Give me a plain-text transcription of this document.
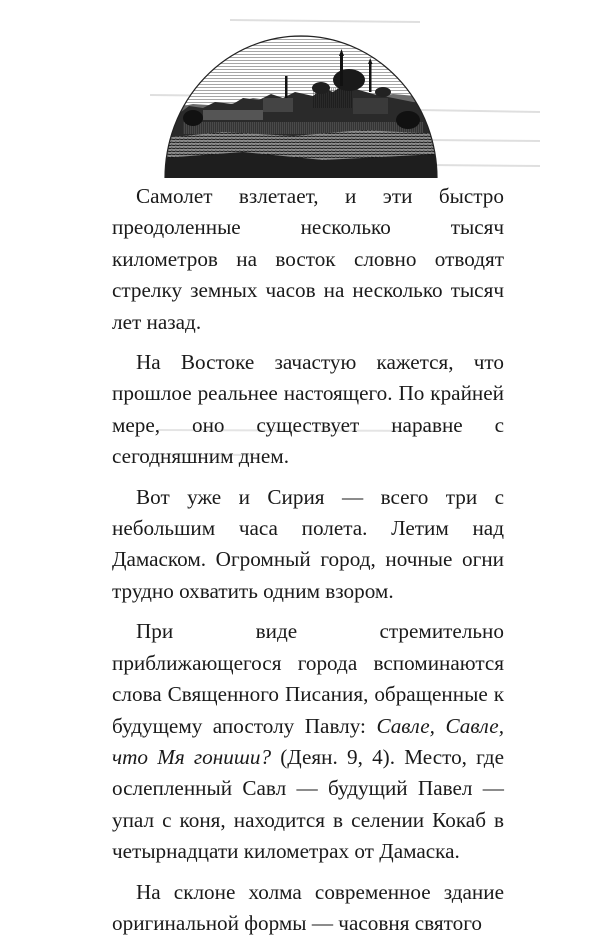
Самолет взлетает, и эти быстро преодоленные несколько тысяч километров на восток словно отводят стрелку земных часов на несколько тысяч лет назад.

На Востоке зачастую кажется, что прошлое реальнее настоящего. По крайней мере, оно существует наравне с сегодняшним днем.

Вот уже и Сирия — всего три с небольшим часа полета. Летим над Дамаском. Огромный город, ночные огни трудно охватить одним взором.

При виде стремительно приближающегося города вспоминаются слова Священного Писания, обращенные к будущему апостолу Павлу: Савле, Савле, что Мя гониши? (Деян. 9, 4). Место, где ослепленный Савл — будущий Павел — упал с коня, находится в селении Кокаб в четырнадцати километрах от Дамаска.

На склоне холма современное здание оригинальной формы — часовня святого
